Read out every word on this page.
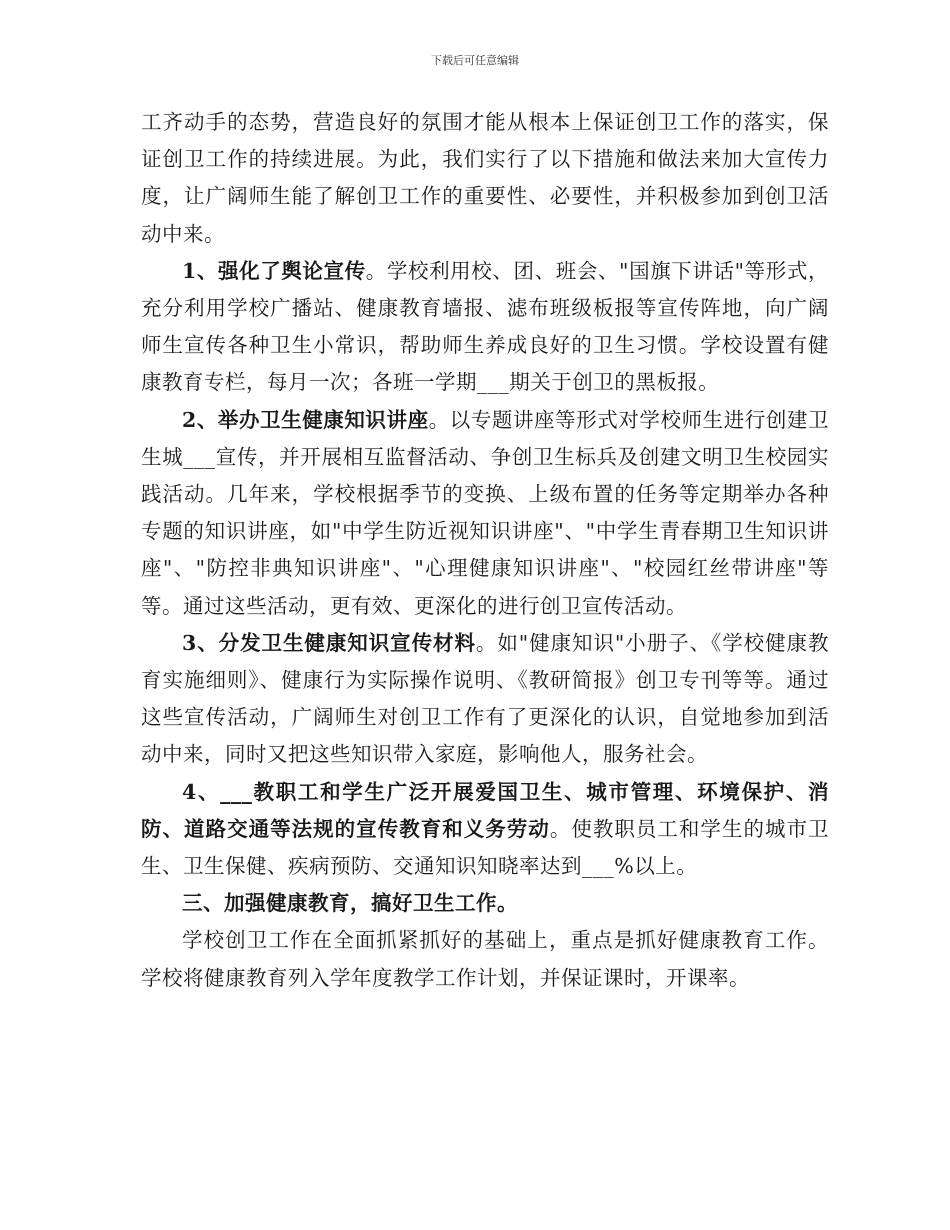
下载后可任意编辑

工齐动手的态势，营造良好的氛围才能从根本上保证创卫工作的落实，保证创卫工作的持续进展。为此，我们实行了以下措施和做法来加大宣传力度，让广阔师生能了解创卫工作的重要性、必要性，并积极参加到创卫活动中来。

1、强化了舆论宣传。学校利用校、团、班会、"国旗下讲话"等形式，充分利用学校广播站、健康教育墙报、滤布班级板报等宣传阵地，向广阔师生宣传各种卫生小常识，帮助师生养成良好的卫生习惯。学校设置有健康教育专栏，每月一次；各班一学期___期关于创卫的黑板报。

2、举办卫生健康知识讲座。以专题讲座等形式对学校师生进行创建卫生城___宣传，并开展相互监督活动、争创卫生标兵及创建文明卫生校园实践活动。几年来，学校根据季节的变换、上级布置的任务等定期举办各种专题的知识讲座，如"中学生防近视知识讲座"、"中学生青春期卫生知识讲座"、"防控非典知识讲座"、"心理健康知识讲座"、"校园红丝带讲座"等等。通过这些活动，更有效、更深化的进行创卫宣传活动。

3、分发卫生健康知识宣传材料。如"健康知识"小册子、《学校健康教育实施细则》、健康行为实际操作说明、《教研简报》创卫专刊等等。通过这些宣传活动，广阔师生对创卫工作有了更深化的认识，自觉地参加到活动中来，同时又把这些知识带入家庭，影响他人，服务社会。

4、___教职工和学生广泛开展爱国卫生、城市管理、环境保护、消防、道路交通等法规的宣传教育和义务劳动。使教职员工和学生的城市卫生、卫生保健、疾病预防、交通知识知晓率达到___%以上。

三、加强健康教育，搞好卫生工作。

学校创卫工作在全面抓紧抓好的基础上，重点是抓好健康教育工作。学校将健康教育列入学年度教学工作计划，并保证课时，开课率。
